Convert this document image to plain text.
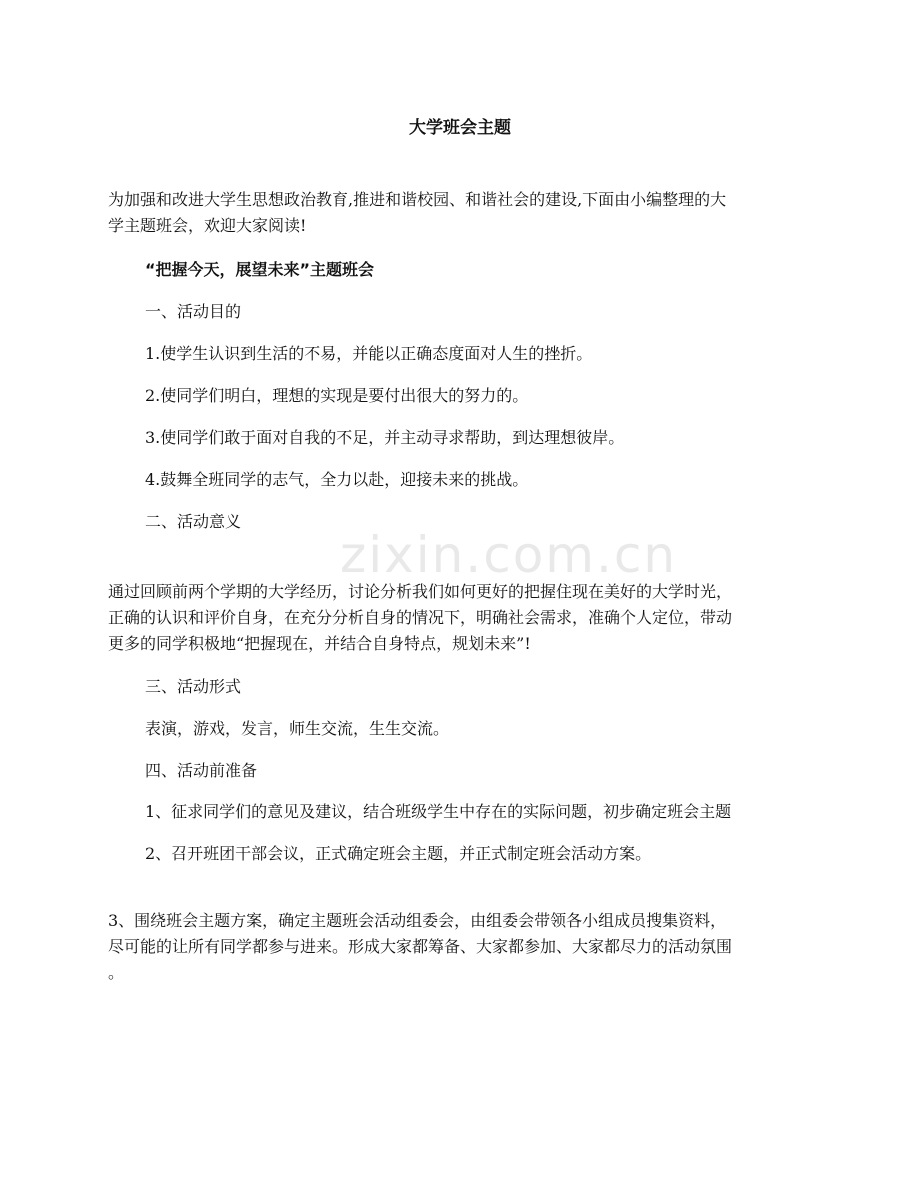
zixin.com.cn
大学班会主题
为加强和改进大学生思想政治教育,推进和谐校园、和谐社会的建设,下面由小编整理的大
学主题班会，欢迎大家阅读!

“把握今天，展望未来”主题班会

一、活动目的

1.使学生认识到生活的不易，并能以正确态度面对人生的挫折。

2.使同学们明白，理想的实现是要付出很大的努力的。

3.使同学们敢于面对自我的不足，并主动寻求帮助，到达理想彼岸。

4.鼓舞全班同学的志气，全力以赴，迎接未来的挑战。

二、活动意义

通过回顾前两个学期的大学经历，讨论分析我们如何更好的把握住现在美好的大学时光，
正确的认识和评价自身，在充分分析自身的情况下，明确社会需求，准确个人定位，带动
更多的同学积极地“把握现在，并结合自身特点，规划未来”!

三、活动形式

表演，游戏，发言，师生交流，生生交流。

四、活动前准备

1、征求同学们的意见及建议，结合班级学生中存在的实际问题，初步确定班会主题

2、召开班团干部会议，正式确定班会主题，并正式制定班会活动方案。

3、围绕班会主题方案，确定主题班会活动组委会，由组委会带领各小组成员搜集资料，
尽可能的让所有同学都参与进来。形成大家都筹备、大家都参加、大家都尽力的活动氛围
。
